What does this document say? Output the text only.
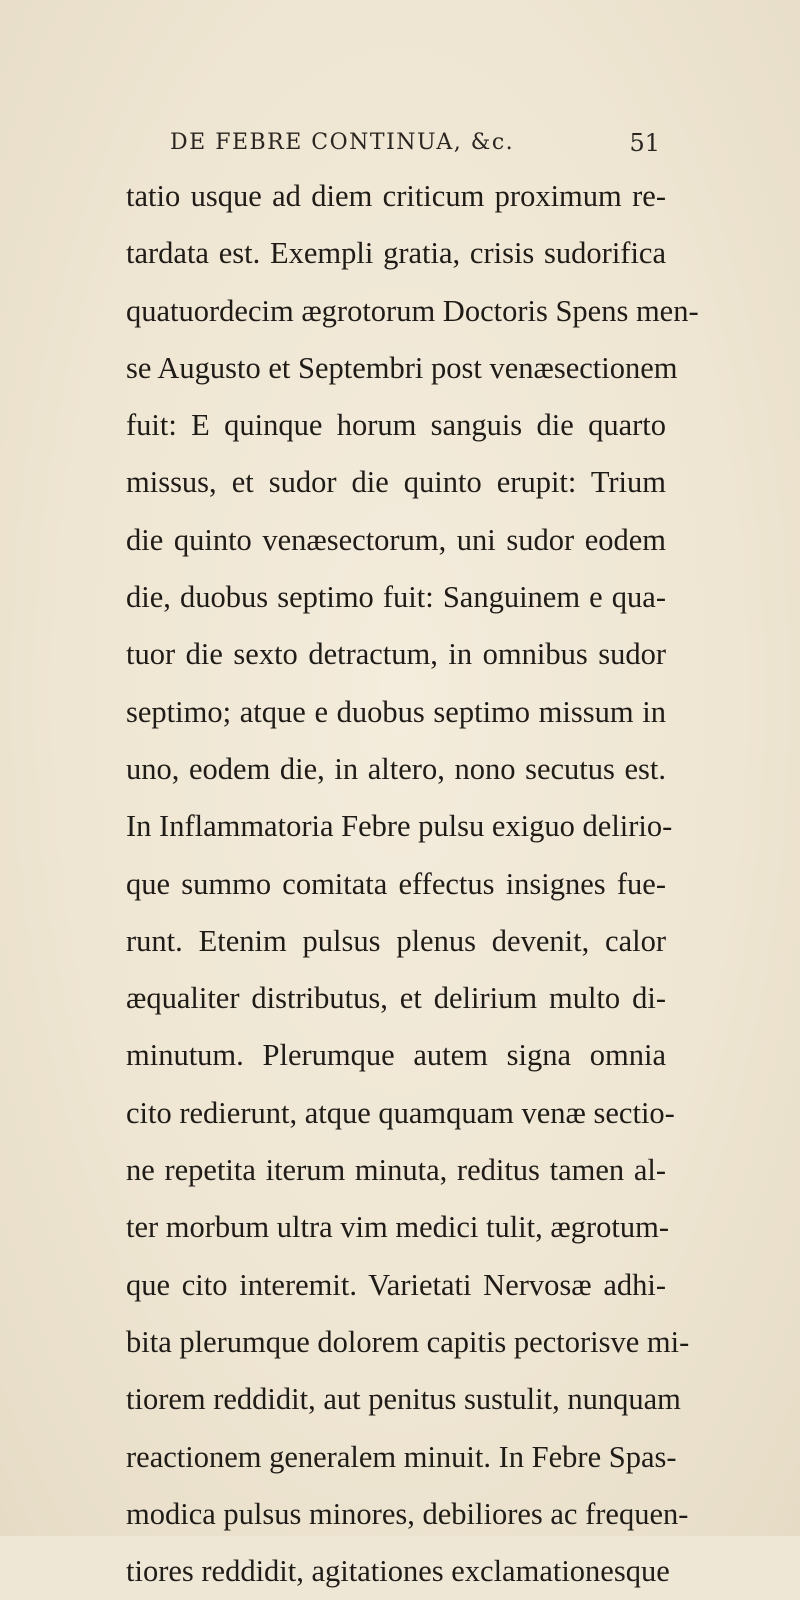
DE FEBRE CONTINUA, &c.	51
tatio usque ad diem criticum proximum re-
tardata est. Exempli gratia, crisis sudorifica
quatuordecim ægrotorum Doctoris Spens men-
se Augusto et Septembri post venæsectionem
fuit: E quinque horum sanguis die quarto
missus, et sudor die quinto erupit: Trium
die quinto venæsectorum, uni sudor eodem
die, duobus septimo fuit: Sanguinem e qua-
tuor die sexto detractum, in omnibus sudor
septimo; atque e duobus septimo missum in
uno, eodem die, in altero, nono secutus est.
In Inflammatoria Febre pulsu exiguo delirio-
que summo comitata effectus insignes fue-
runt. Etenim pulsus plenus devenit, calor
æqualiter distributus, et delirium multo di-
minutum. Plerumque autem signa omnia
cito redierunt, atque quamquam venæ sectio-
ne repetita iterum minuta, reditus tamen al-
ter morbum ultra vim medici tulit, ægrotum-
que cito interemit. Varietati Nervosæ adhi-
bita plerumque dolorem capitis pectorisve mi-
tiorem reddidit, aut penitus sustulit, nunquam
reactionem generalem minuit. In Febre Spas-
modica pulsus minores, debiliores ac frequen-
tiores reddidit, agitationes exclamationesque
